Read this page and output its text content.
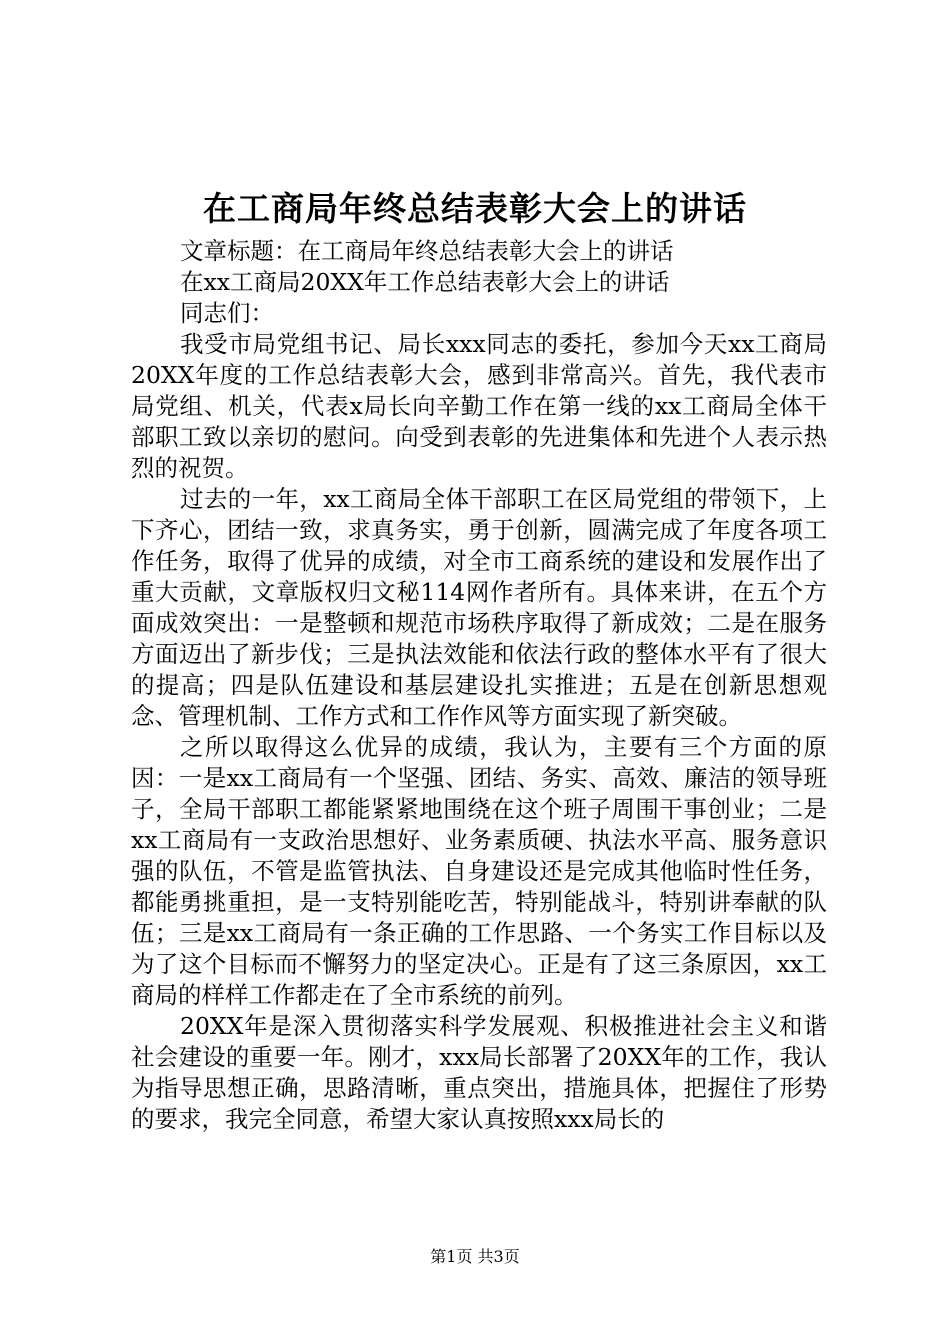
在工商局年终总结表彰大会上的讲话

文章标题：在工商局年终总结表彰大会上的讲话

在xx工商局20XX年工作总结表彰大会上的讲话

同志们：

我受市局党组书记、局长xxx同志的委托，参加今天xx工商局20XX年度的工作总结表彰大会，感到非常高兴。首先，我代表市局党组、机关，代表x局长向辛勤工作在第一线的xx工商局全体干部职工致以亲切的慰问。向受到表彰的先进集体和先进个人表示热烈的祝贺。

过去的一年，xx工商局全体干部职工在区局党组的带领下，上下齐心，团结一致，求真务实，勇于创新，圆满完成了年度各项工作任务，取得了优异的成绩，对全市工商系统的建设和发展作出了重大贡献，文章版权归文秘114网作者所有。具体来讲，在五个方面成效突出：一是整顿和规范市场秩序取得了新成效；二是在服务方面迈出了新步伐；三是执法效能和依法行政的整体水平有了很大的提高；四是队伍建设和基层建设扎实推进；五是在创新思想观念、管理机制、工作方式和工作作风等方面实现了新突破。

之所以取得这么优异的成绩，我认为，主要有三个方面的原因：一是xx工商局有一个坚强、团结、务实、高效、廉洁的领导班子，全局干部职工都能紧紧地围绕在这个班子周围干事创业；二是xx工商局有一支政治思想好、业务素质硬、执法水平高、服务意识强的队伍，不管是监管执法、自身建设还是完成其他临时性任务，都能勇挑重担，是一支特别能吃苦，特别能战斗，特别讲奉献的队伍；三是xx工商局有一条正确的工作思路、一个务实工作目标以及为了这个目标而不懈努力的坚定决心。正是有了这三条原因，xx工商局的样样工作都走在了全市系统的前列。

20XX年是深入贯彻落实科学发展观、积极推进社会主义和谐社会建设的重要一年。刚才，xxx局长部署了20XX年的工作，我认为指导思想正确，思路清晰，重点突出，措施具体，把握住了形势的要求，我完全同意，希望大家认真按照xxx局长的

第1页 共3页
